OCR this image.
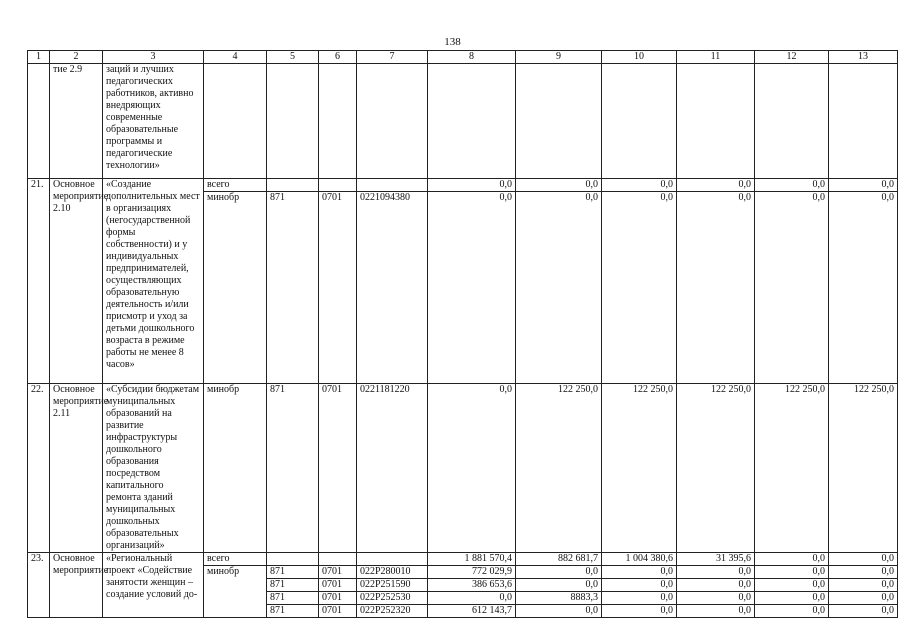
138
1	2	3	4	5	6	7	8	9	10	11	12	13
	тие 2.9	заций и лучших педагогических работников, активно внедряющих современные образовательные программы и педагогические технологии»										
21.	Основное мероприятие 2.10	«Создание дополнительных мест в организациях (негосударственной формы собственности) и у индивидуальных предпринимателей, осуществляющих образовательную деятельность и/или присмотр и уход за детьми дошкольного возраста в режиме работы не менее 8 часов»	всего				0,0	0,0	0,0	0,0	0,0	0,0
			минобр	871	0701	0221094380	0,0	0,0	0,0	0,0	0,0	0,0
22.	Основное мероприятие 2.11	«Субсидии бюджетам муниципальных образований на развитие инфраструктуры дошкольного образования посредством капитального ремонта зданий муниципальных дошкольных образовательных организаций»	минобр	871	0701	0221181220	0,0	122 250,0	122 250,0	122 250,0	122 250,0	122 250,0
23.	Основное мероприятие	«Региональный проект «Содействие занятости женщин – создание условий до-	всего				1 881 570,4	882 681,7	1 004 380,6	31 395,6	0,0	0,0
			минобр	871	0701	022P280010	772 029,9	0,0	0,0	0,0	0,0	0,0
				871	0701	022P251590	386 653,6	0,0	0,0	0,0	0,0	0,0
				871	0701	022P252530	0,0	8883,3	0,0	0,0	0,0	0,0
				871	0701	022P252320	612 143,7	0,0	0,0	0,0	0,0	0,0
